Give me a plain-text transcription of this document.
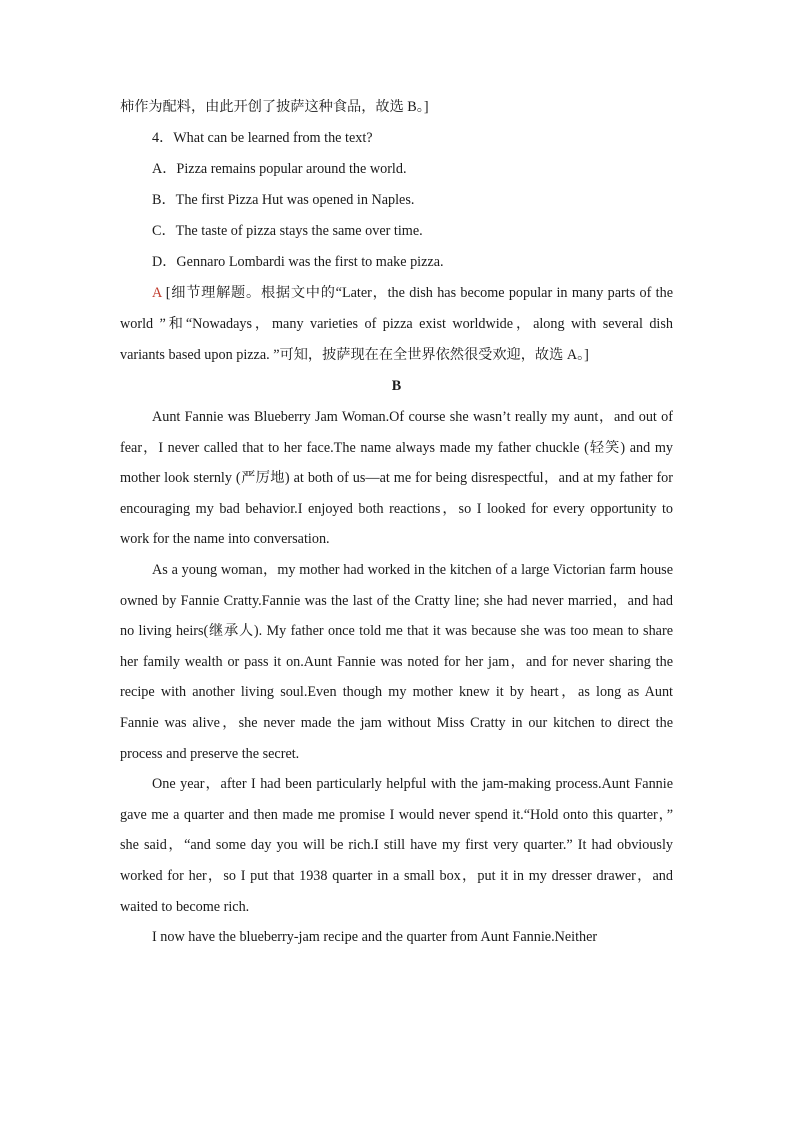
柿作为配料，由此开创了披萨这种食品，故选 B。]

4．What can be learned from the text?

A．Pizza remains popular around the world.

B．The first Pizza Hut was opened in Naples.

C．The taste of pizza stays the same over time.

D．Gennaro Lombardi was the first to make pizza.

A [细节理解题。根据文中的“Later，the dish has become popular in many parts of the world ”和“Nowadays，many varieties of pizza exist worldwide，along with several dish variants based upon pizza. ”可知，披萨现在在全世界依然很受欢迎，故选 A。]

B

Aunt Fannie was Blueberry Jam Woman.Of course she wasn’t really my aunt，and out of fear，I never called that to her face.The name always made my father chuckle (轻笑) and my mother look sternly (严厉地) at both of us—at me for being disrespectful，and at my father for encouraging my bad behavior.I enjoyed both reactions，so I looked for every opportunity to work for the name into conversation.

As a young woman，my mother had worked in the kitchen of a large Victorian farm house owned by Fannie Cratty.Fannie was the last of the Cratty line; she had never married，and had no living heirs(继承人). My father once told me that it was because she was too mean to share her family wealth or pass it on.Aunt Fannie was noted for her jam，and for never sharing the recipe with another living soul.Even though my mother knew it by heart，as long as Aunt Fannie was alive，she never made the jam without Miss Cratty in our kitchen to direct the process and preserve the secret.

One year，after I had been particularly helpful with the jam-making process.Aunt Fannie gave me a quarter and then made me promise I would never spend it.“Hold onto this quarter，” she said，“and some day you will be rich.I still have my first very quarter.” It had obviously worked for her，so I put that 1938 quarter in a small box，put it in my dresser drawer，and waited to become rich.

I now have the blueberry-jam recipe and the quarter from Aunt Fannie.Neither
